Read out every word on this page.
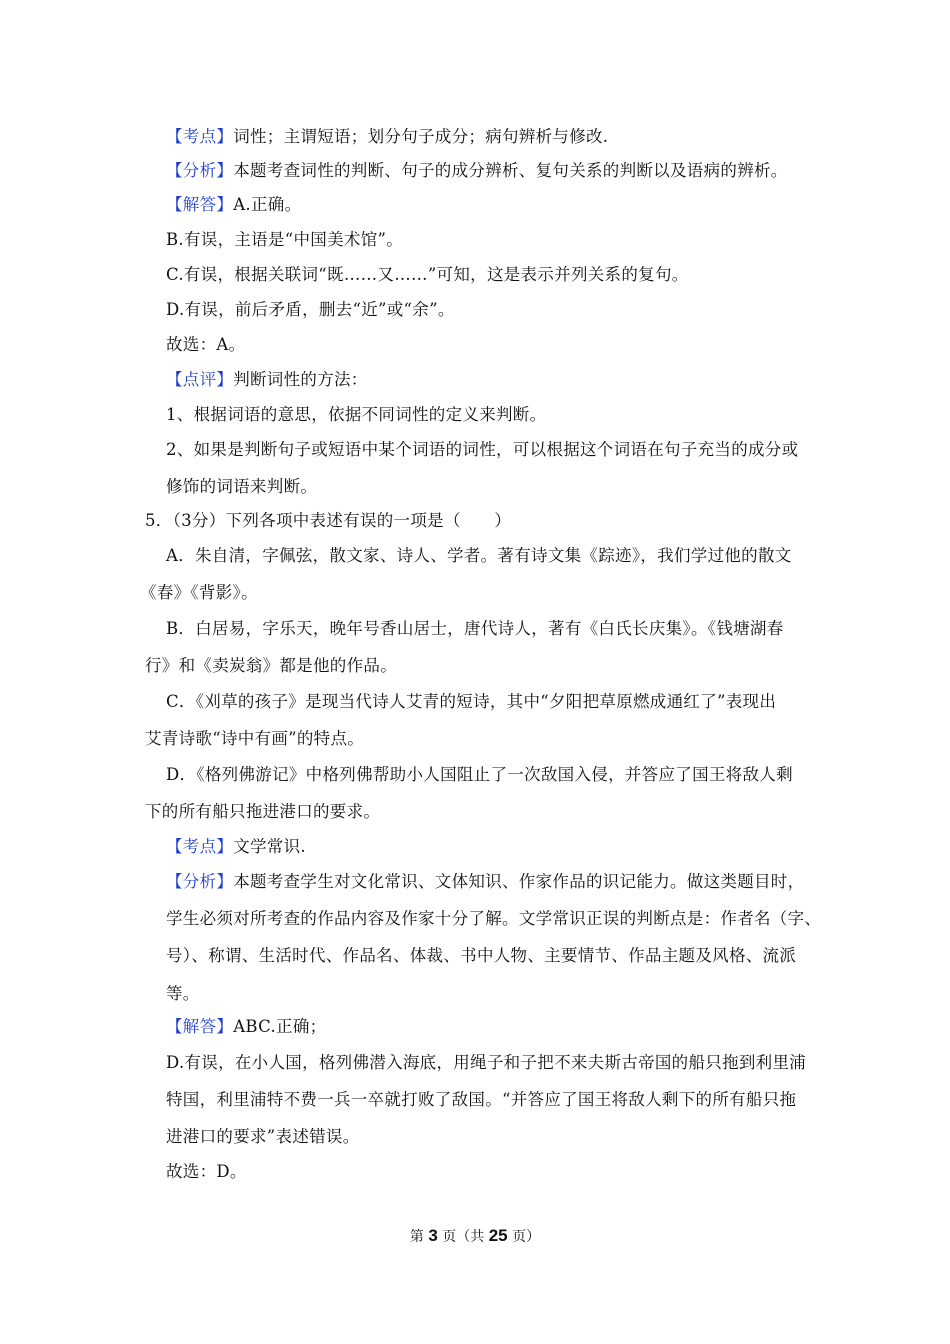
【考点】词性；主谓短语；划分句子成分；病句辨析与修改.
【分析】本题考查词性的判断、句子的成分辨析、复句关系的判断以及语病的辨析。
【解答】A.正确。
B.有误，主语是“中国美术馆”。
C.有误，根据关联词“既……又……”可知，这是表示并列关系的复句。
D.有误，前后矛盾，删去“近”或“余”。
故选：A。
【点评】判断词性的方法：
1、根据词语的意思，依据不同词性的定义来判断。
2、如果是判断句子或短语中某个词语的词性，可以根据这个词语在句子充当的成分或
修饰的词语来判断。
5．（3分）下列各项中表述有误的一项是（　　）
A．朱自清，字佩弦，散文家、诗人、学者。著有诗文集《踪迹》，我们学过他的散文
《春》《背影》。
B．白居易，字乐天，晚年号香山居士，唐代诗人，著有《白氏长庆集》。《钱塘湖春
行》和《卖炭翁》都是他的作品。
C．《刈草的孩子》是现当代诗人艾青的短诗，其中“夕阳把草原燃成通红了”表现出
艾青诗歌“诗中有画”的特点。
D．《格列佛游记》中格列佛帮助小人国阻止了一次敌国入侵，并答应了国王将敌人剩
下的所有船只拖进港口的要求。
【考点】文学常识.
【分析】本题考查学生对文化常识、文体知识、作家作品的识记能力。做这类题目时，
学生必须对所考查的作品内容及作家十分了解。文学常识正误的判断点是：作者名（字、
号）、称谓、生活时代、作品名、体裁、书中人物、主要情节、作品主题及风格、流派
等。
【解答】ABC.正确；
D.有误，在小人国，格列佛潜入海底，用绳子和子把不来夫斯古帝国的船只拖到利里浦
特国，利里浦特不费一兵一卒就打败了敌国。“并答应了国王将敌人剩下的所有船只拖
进港口的要求”表述错误。
故选：D。
第 3 页（共 25 页）
